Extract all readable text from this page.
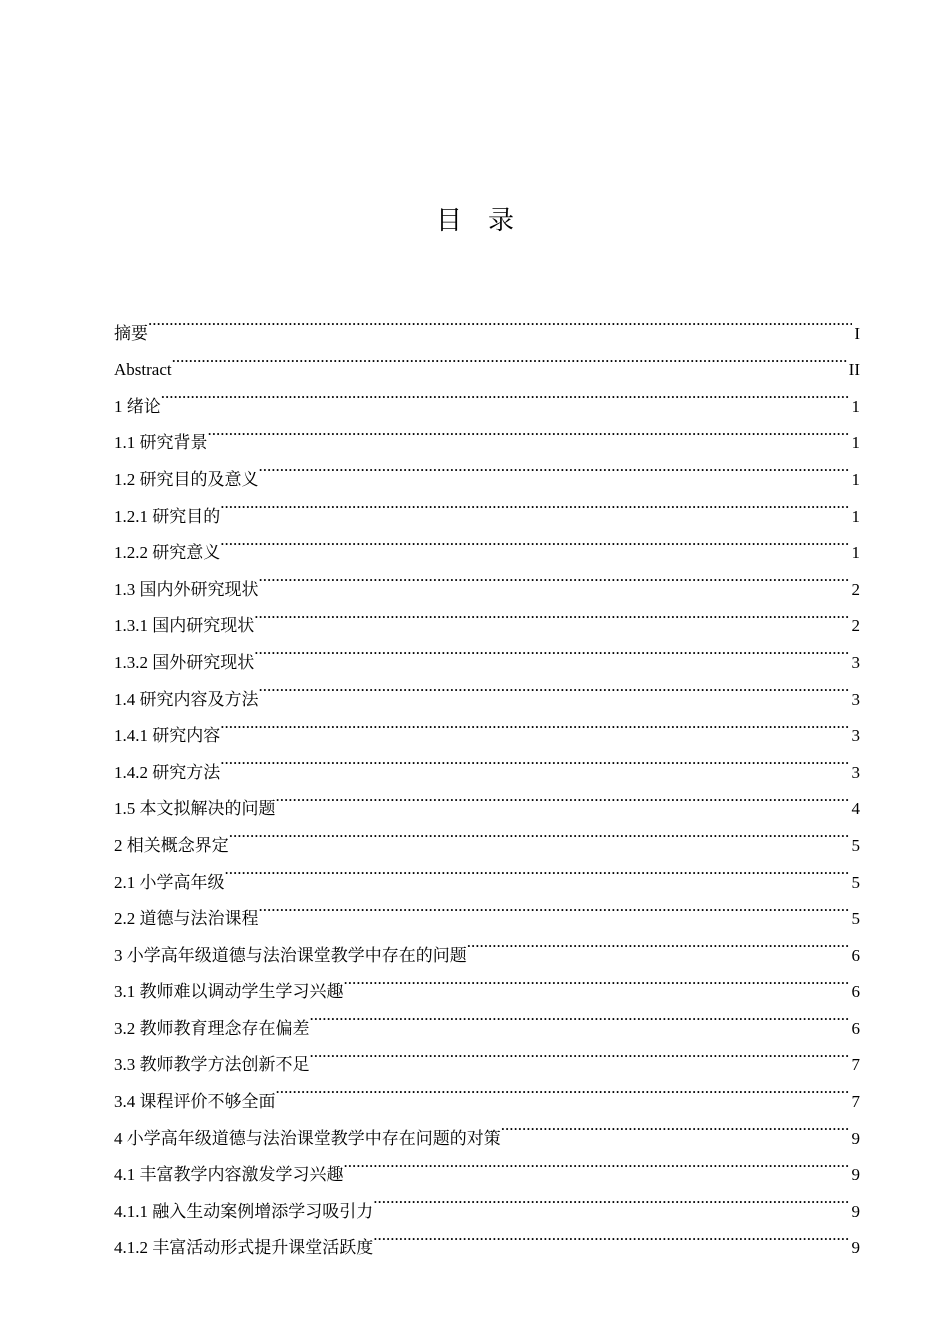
目录
摘要 .....	I
Abstract .....	II
1 绪论 .....	1
1.1 研究背景 .....	1
1.2 研究目的及意义 .....	1
1.2.1 研究目的 .....	1
1.2.2 研究意义 .....	1
1.3 国内外研究现状 .....	2
1.3.1 国内研究现状 .....	2
1.3.2 国外研究现状 .....	3
1.4 研究内容及方法 .....	3
1.4.1 研究内容 .....	3
1.4.2 研究方法 .....	3
1.5 本文拟解决的问题 .....	4
2 相关概念界定 .....	5
2.1 小学高年级 .....	5
2.2 道德与法治课程 .....	5
3 小学高年级道德与法治课堂教学中存在的问题 .....	6
3.1 教师难以调动学生学习兴趣 .....	6
3.2 教师教育理念存在偏差 .....	6
3.3 教师教学方法创新不足 .....	7
3.4 课程评价不够全面 .....	7
4 小学高年级道德与法治课堂教学中存在问题的对策 .....	9
4.1 丰富教学内容激发学习兴趣 .....	9
4.1.1 融入生动案例增添学习吸引力 .....	9
4.1.2 丰富活动形式提升课堂活跃度 .....	9
